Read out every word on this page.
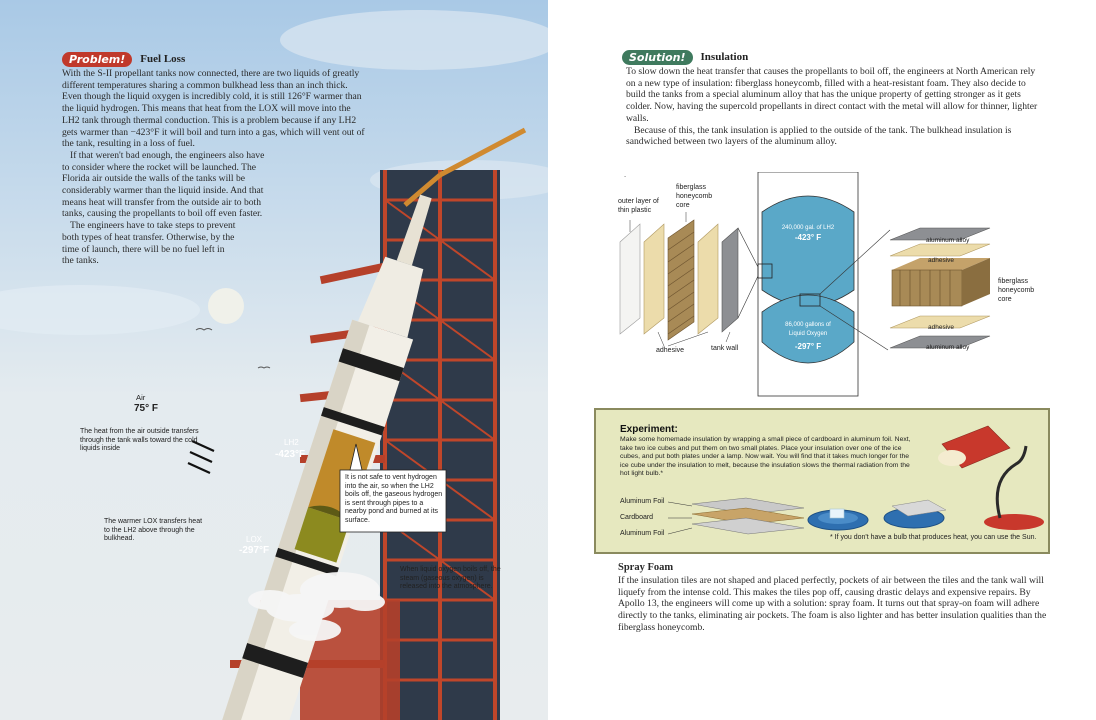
Problem! Fuel Loss

With the S-II propellant tanks now connected, there are two liquids of greatly different temperatures sharing a common bulkhead less than an inch thick. Even though the liquid oxygen is incredibly cold, it is still 126°F warmer than the liquid hydrogen. This means that heat from the LOX will move into the LH2 tank through thermal conduction. This is a problem because if any LH2 gets warmer than −423°F it will boil and turn into a gas, which will vent out of the tank, resulting in a loss of fuel.

If that weren't bad enough, the engineers also have to consider where the rocket will be launched. The Florida air outside the walls of the tanks will be considerably warmer than the liquid inside. And that means heat will transfer from the outside air to both tanks, causing the propellants to boil off even faster.

The engineers have to take steps to prevent both types of heat transfer. Otherwise, by the time of launch, there will be no fuel left in the tanks.

Air
75° F
The heat from the air outside transfers through the tank walls toward the cold liquids inside
LH2
-423°F
LOX
-297°F
The warmer LOX transfers heat to the LH2 above through the bulkhead.
It is not safe to vent hydrogen into the air, so when the LH2 boils off, the gaseous hydrogen is sent through pipes to a nearby pond and burned at its surface.
When liquid oxygen boils off, the steam (gaseous oxygen) is released into the atmosphere.
Solution! Insulation

To slow down the heat transfer that causes the propellants to boil off, the engineers at North American rely on a new type of insulation: fiberglass honeycomb, filled with a heat-resistant foam. They also decide to build the tanks from a special aluminum alloy that has the unique property of getting stronger as it gets colder. Now, having the supercold propellants in direct contact with the metal will allow for thinner, lighter walls.

Because of this, the tank insulation is applied to the outside of the tank. The bulkhead insulation is sandwiched between two layers of the aluminum alloy.

.
outer layer of thin plastic
fiberglass honeycomb core
adhesive	tank wall
240,000 gal. of LH2
-423° F
86,000 gallons of Liquid Oxygen
-297° F
aluminum alloy
adhesive
fiberglass honeycomb core
adhesive
aluminum alloy
Experiment:
Make some homemade insulation by wrapping a small piece of cardboard in aluminum foil. Next, take two ice cubes and put them on two small plates. Place your insulation over one of the ice cubes, and put both plates under a lamp. Now wait. You will find that it takes much longer for the ice cube under the insulation to melt, because the insulation slows the thermal radiation from the hot light bulb.*
Aluminum Foil
Cardboard
Aluminum Foil
* If you don't have a bulb that produces heat, you can use the Sun.
Spray Foam
If the insulation tiles are not shaped and placed perfectly, pockets of air between the tiles and the tank wall will liquefy from the intense cold. This makes the tiles pop off, causing drastic delays and expensive repairs. By Apollo 13, the engineers will come up with a solution: spray foam. It turns out that spray-on foam will adhere directly to the tanks, eliminating air pockets. The foam is also lighter and has better insulation qualities than the fiberglass honeycomb.
